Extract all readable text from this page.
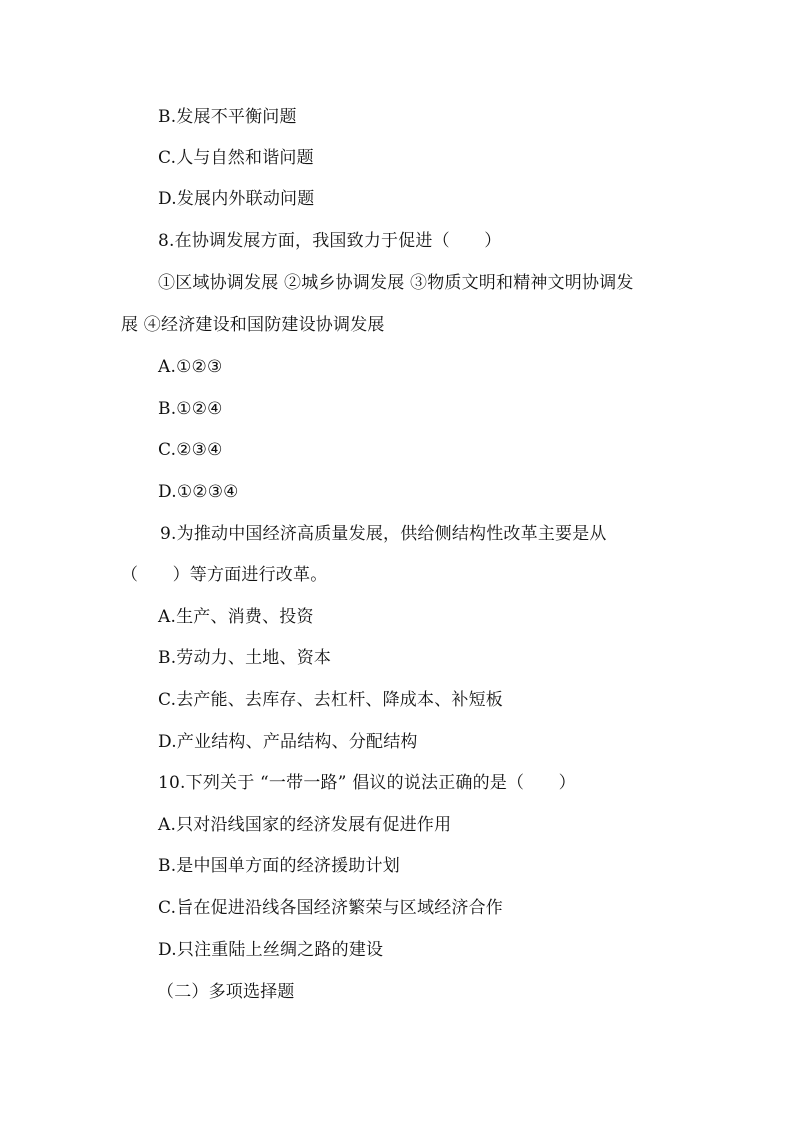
B.发展不平衡问题
C.人与自然和谐问题
D.发展内外联动问题
8.在协调发展方面，我国致力于促进（　　）
①区域协调发展 ②城乡协调发展 ③物质文明和精神文明协调发
展 ④经济建设和国防建设协调发展
A.①②③
B.①②④
C.②③④
D.①②③④
9.为推动中国经济高质量发展，供给侧结构性改革主要是从
（　　）等方面进行改革。
A.生产、消费、投资
B.劳动力、土地、资本
C.去产能、去库存、去杠杆、降成本、补短板
D.产业结构、产品结构、分配结构
10.下列关于 “一带一路” 倡议的说法正确的是（　　）
A.只对沿线国家的经济发展有促进作用
B.是中国单方面的经济援助计划
C.旨在促进沿线各国经济繁荣与区域经济合作
D.只注重陆上丝绸之路的建设
（二）多项选择题
